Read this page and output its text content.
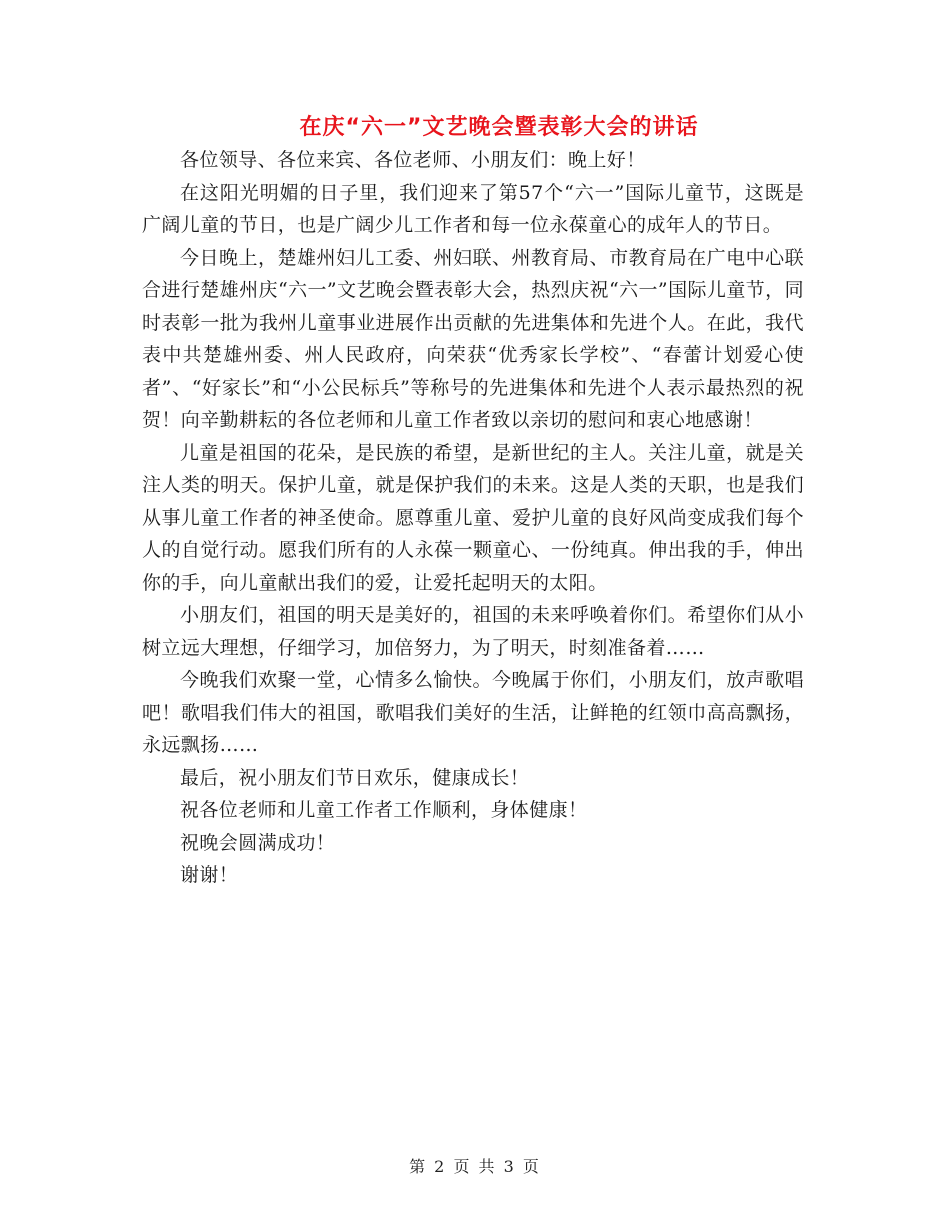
在庆“六一”文艺晚会暨表彰大会的讲话

各位领导、各位来宾、各位老师、小朋友们：晚上好！

在这阳光明媚的日子里，我们迎来了第57个“六一”国际儿童节，这既是广阔儿童的节日，也是广阔少儿工作者和每一位永葆童心的成年人的节日。

今日晚上，楚雄州妇儿工委、州妇联、州教育局、市教育局在广电中心联合进行楚雄州庆“六一”文艺晚会暨表彰大会，热烈庆祝“六一”国际儿童节，同时表彰一批为我州儿童事业进展作出贡献的先进集体和先进个人。在此，我代表中共楚雄州委、州人民政府，向荣获“优秀家长学校”、“春蕾计划爱心使者”、“好家长”和“小公民标兵”等称号的先进集体和先进个人表示最热烈的祝贺！向辛勤耕耘的各位老师和儿童工作者致以亲切的慰问和衷心地感谢！

儿童是祖国的花朵，是民族的希望，是新世纪的主人。关注儿童，就是关注人类的明天。保护儿童，就是保护我们的未来。这是人类的天职，也是我们从事儿童工作者的神圣使命。愿尊重儿童、爱护儿童的良好风尚变成我们每个人的自觉行动。愿我们所有的人永葆一颗童心、一份纯真。伸出我的手，伸出你的手，向儿童献出我们的爱，让爱托起明天的太阳。

小朋友们，祖国的明天是美好的，祖国的未来呼唤着你们。希望你们从小树立远大理想，仔细学习，加倍努力，为了明天，时刻准备着……

今晚我们欢聚一堂，心情多么愉快。今晚属于你们，小朋友们，放声歌唱吧！歌唱我们伟大的祖国，歌唱我们美好的生活，让鲜艳的红领巾高高飘扬，永远飘扬……

最后，祝小朋友们节日欢乐，健康成长！

祝各位老师和儿童工作者工作顺利，身体健康！

祝晚会圆满成功！

谢谢！

第 2 页 共 3 页
